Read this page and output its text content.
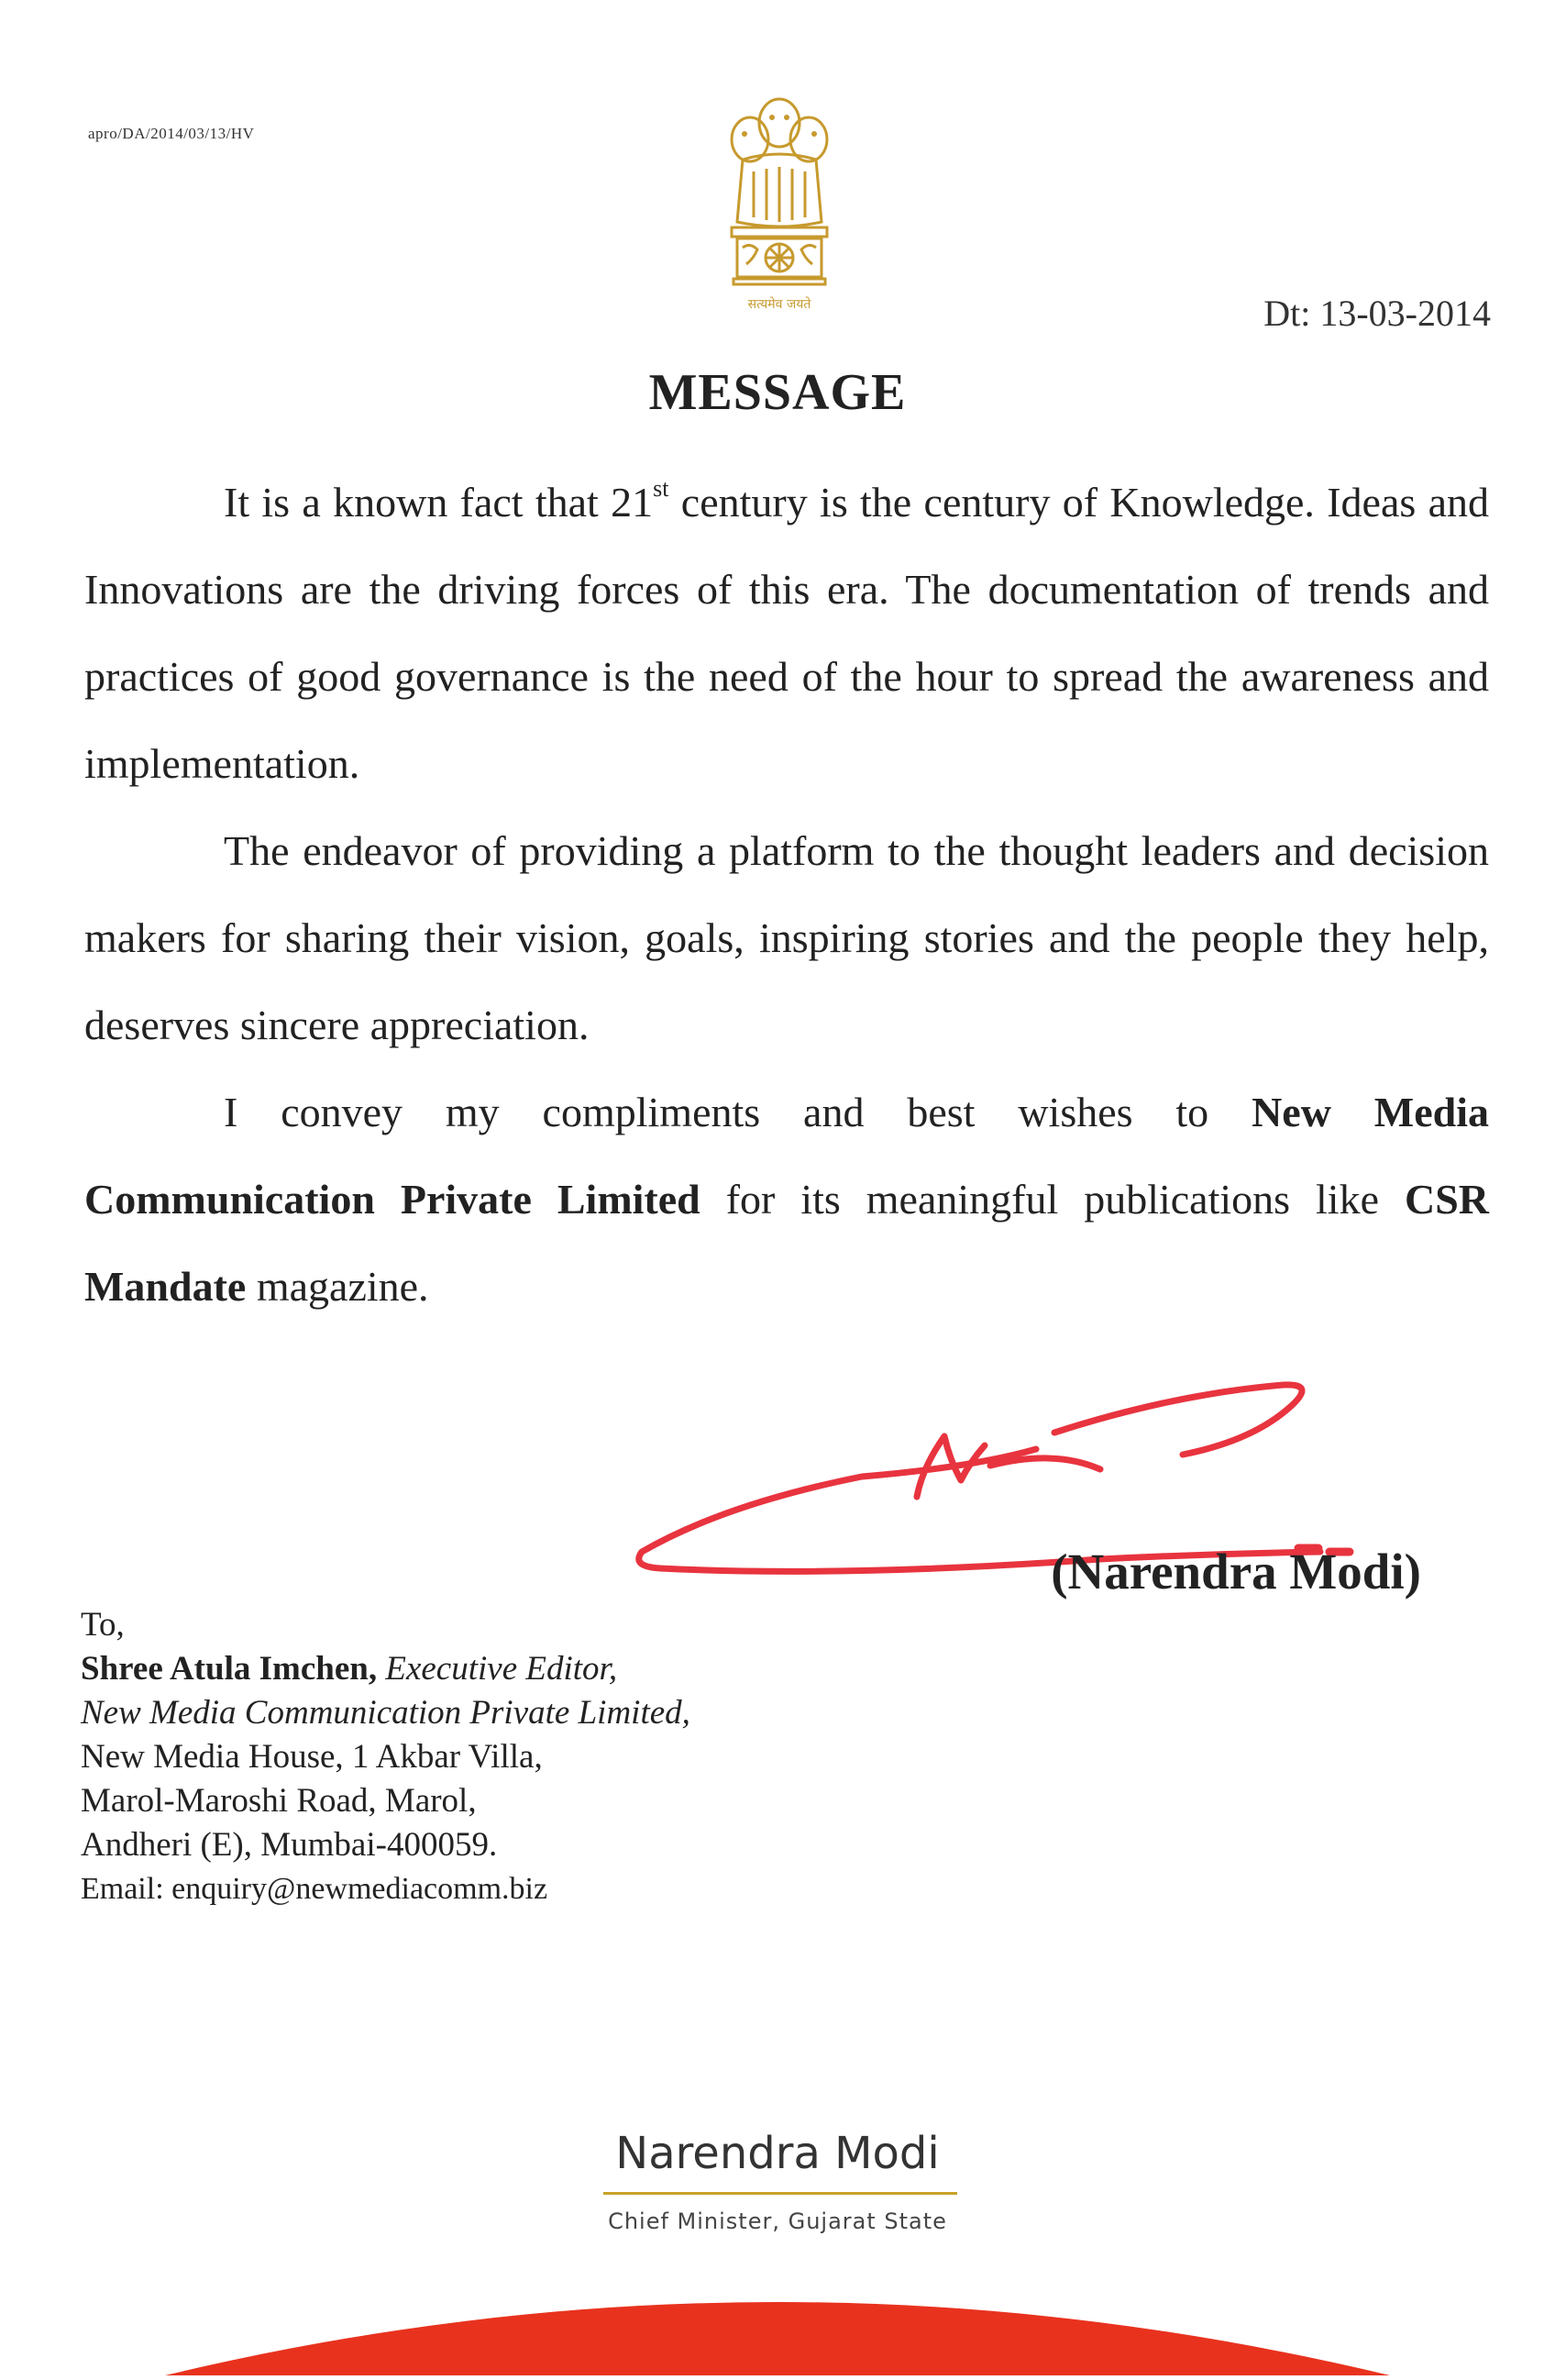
apro/DA/2014/03/13/HV
सत्यमेव जयते	Dt: 13-03-2014
MESSAGE

It is a known fact that 21st century is the century of Knowledge. Ideas and Innovations are the driving forces of this era. The documentation of trends and practices of good governance is the need of the hour to spread the awareness and implementation.

The endeavor of providing a platform to the thought leaders and decision makers for sharing their vision, goals, inspiring stories and the people they help, deserves sincere appreciation.

I convey my compliments and best wishes to New Media Communication Private Limited for its meaningful publications like CSR Mandate magazine.

(Narendra Modi)
To,
Shree Atula Imchen, Executive Editor,
New Media Communication Private Limited,
New Media House, 1 Akbar Villa,
Marol-Maroshi Road, Marol,
Andheri (E), Mumbai-400059.
Email: enquiry@newmediacomm.biz
Narendra Modi
Chief Minister, Gujarat State
